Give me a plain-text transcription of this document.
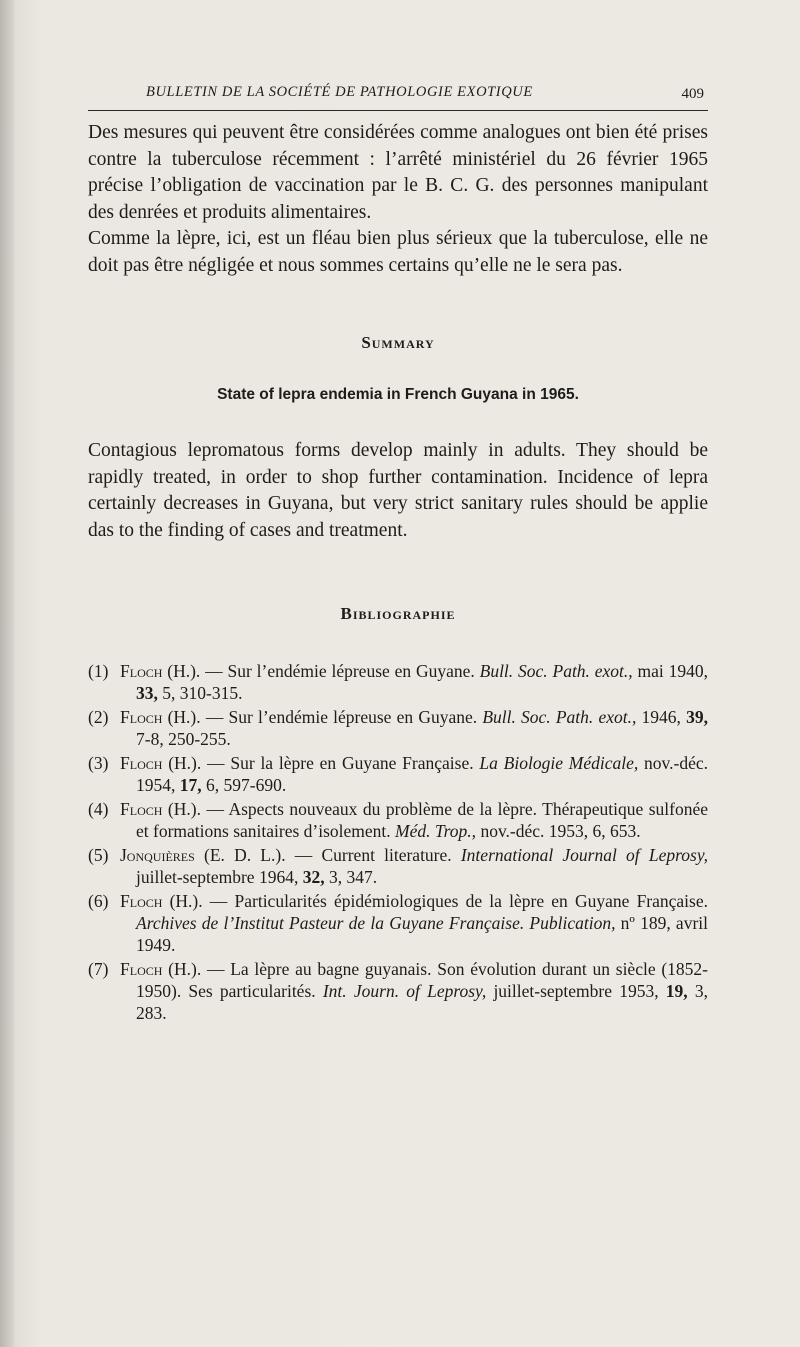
BULLETIN DE LA SOCIÉTÉ DE PATHOLOGIE EXOTIQUE	409

Des mesures qui peuvent être considérées comme analogues ont bien été prises contre la tuberculose récemment : l’arrêté ministériel du 26 février 1965 précise l’obligation de vaccination par le B. C. G. des personnes manipulant des denrées et produits alimentaires.

Comme la lèpre, ici, est un fléau bien plus sérieux que la tuberculose, elle ne doit pas être négligée et nous sommes certains qu’elle ne le sera pas.

Summary
State of lepra endemia in French Guyana in 1965.

Contagious lepromatous forms develop mainly in adults. They should be rapidly treated, in order to shop further contamination. Incidence of lepra certainly decreases in Guyana, but very strict sanitary rules should be applie das to the finding of cases and treatment.

Bibliographie

(1) Floch (H.). — Sur l’endémie lépreuse en Guyane. Bull. Soc. Path. exot., mai 1940, 33, 5, 310-315.

(2) Floch (H.). — Sur l’endémie lépreuse en Guyane. Bull. Soc. Path. exot., 1946, 39, 7-8, 250-255.

(3) Floch (H.). — Sur la lèpre en Guyane Française. La Biologie Médicale, nov.-déc. 1954, 17, 6, 597-690.

(4) Floch (H.). — Aspects nouveaux du problème de la lèpre. Thérapeutique sulfonée et formations sanitaires d’isolement. Méd. Trop., nov.-déc. 1953, 6, 653.

(5) Jonquières (E. D. L.). — Current literature. International Journal of Leprosy, juillet-septembre 1964, 32, 3, 347.

(6) Floch (H.). — Particularités épidémiologiques de la lèpre en Guyane Française. Archives de l’Institut Pasteur de la Guyane Française. Publication, nº 189, avril 1949.

(7) Floch (H.). — La lèpre au bagne guyanais. Son évolution durant un siècle (1852-1950). Ses particularités. Int. Journ. of Leprosy, juillet-septembre 1953, 19, 3, 283.
